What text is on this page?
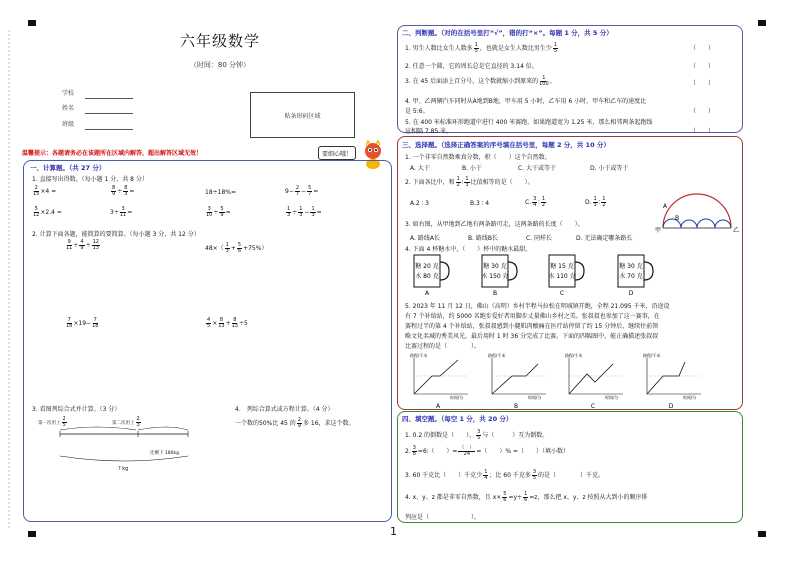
六年级数学
（时间：80 分钟）
学校
姓名
班级
贴条形码区域
温馨提示：各题请务必在该题所在区域内解答，超出解答区域无效！	要细心哦！
一、计算题。（共 27 分）
1. 直接写出得数。（每小题 1 分，共 8 分）
$\frac{2}{15} \times 4$ =	$\frac{8}{9} \div \frac{8}{3}$ =	18÷18%=	$9- \frac{2}{7} - \frac{5}{7}$ =
$\frac{5}{12} \times 2.4$ =	$3\div \frac{3}{11}$ =	$\frac{3}{10} \div \frac{5}{9}$ =	$\frac{1}{3} \div \frac{1}{3} - \frac{1}{3}$ =
2. 计算下面各题，能简算的要简算。（每小题 3 分，共 12 分）
$\frac{9}{11} \div \frac{4}{9} \div \frac{12}{13}$	$48\times( \frac{1}{3} + \frac{5}{6} +75\%)$
$\frac{7}{18} \times 19- \frac{7}{18}$	$\frac{4}{5} \times \frac{8}{13} + \frac{8}{13} \div 5$
3. 看图列综合式并计算。（3 分）	4.　列综合算式或方程计算。（4 分）
一个数的50%比 45 的 $\frac{2}{9}$ 多 16，求这个数。
第一次用上 $\frac{2}{5}$	第二次用上 $\frac{2}{3}$
还剩下 180kg
? kg
二、判断题。（对的在括号里打“√”，错的打“×”。每题 1 分，共 5 分）
1. 男生人数比女生人数多 $\frac{1}{5}$ ，也就是女生人数比男生少 $\frac{1}{5}$	（　　）
2. 任意一个圆，它的周长总是它直径的 3.14 倍。	（　　）
3. 在 45 后面添上百分号，这个数就缩小到原来的 $\frac{1}{100}$ 。	（　　）
4. 甲、乙两辆汽车同时从A地到B地，甲车用 5 小时，乙车用 6 小时，甲车和乙车的速度比
是 5:6。	（　　）
5. 在 400 米标准环形跑道中进行 400 米赛跑，如果跑道宽为 1.25 米，那么相邻两条起跑线
应相隔 7.85 米。	（　　）
三、选择题。（选择正确答案的序号填在括号里，每题 2 分，共 10 分）
1. 一个非零自然数乘真分数，积（　　）这个自然数。
A. 大于	B. 小于	C. 大于或等于	D. 小于或等于
2. 下面各比中，和 $\frac{1}{2}$ ∶ $\frac{1}{3}$ 比值相等的是（　　）。
A.2 ∶ 3	B.3 ∶ 4	C. $\frac{3}{4}$ ∶ $\frac{1}{2}$	D. $\frac{1}{3}$ ∶ $\frac{1}{2}$
3. 如右图，从甲地到乙地有两条路可走，这两条路的长度（　　）。
A. 路线A长	B. 路线B长	C. 同样长	D. 无法确定哪条路长
A
B
甲	乙
4. 下面 4 杯糖水中，（　　）杯中的糖水最甜。
糖 20 克
水 80 克
A
糖 30 克
水 150 克
B
糖 15 克
水 110 克
C
糖 30 克
水 70 克
D
5. 2023 年 11 月 12 日，佛山（高明）乡村半程马拉松在明城镇开跑，全程 21.095 千米，沿途设
有 7 个补给站，约 5000 名跑步爱好者用脚步丈量佛山乡村之美。张叔叔也参加了这一赛事，在
赛程过半的第 4 个补给站，张叔叔感到小腿肌肉酸痛在医疗站停留了约 15 分钟后，继续往前领
略文化名城的秀美风光，最后用时 1 时 36 分完成了比赛。下面的四幅图中，能正确描述张叔叔
比赛过程的是（　　　　）。
路程/千米
时间/分
A
路程/千米
时间/分
B
路程/千米
时间/分
C
路程/千米
时间/分
D
四、填空题。（每空 1 分，共 20 分）
1. 0.2 的倒数是（　　）， $\frac{3}{5}$ 与（　　　）互为倒数。
2. $\frac{3}{8}$ =6∶（　　）= $\frac{( )}{24}$ =（　　）% =（　　）（填小数）
3. 60 千克比（　　）千克少 $\frac{1}{4}$ ；比 60 千克多 $\frac{3}{5}$ 的是（　　　　）千克。
4. x、y、z 都是非零自然数，且 $x\times \frac{5}{6} =y\div \frac{1}{6} =z$，那么把 x、y、z 按照从大到小的顺序排
列应是（　　　　　　　）。
1
